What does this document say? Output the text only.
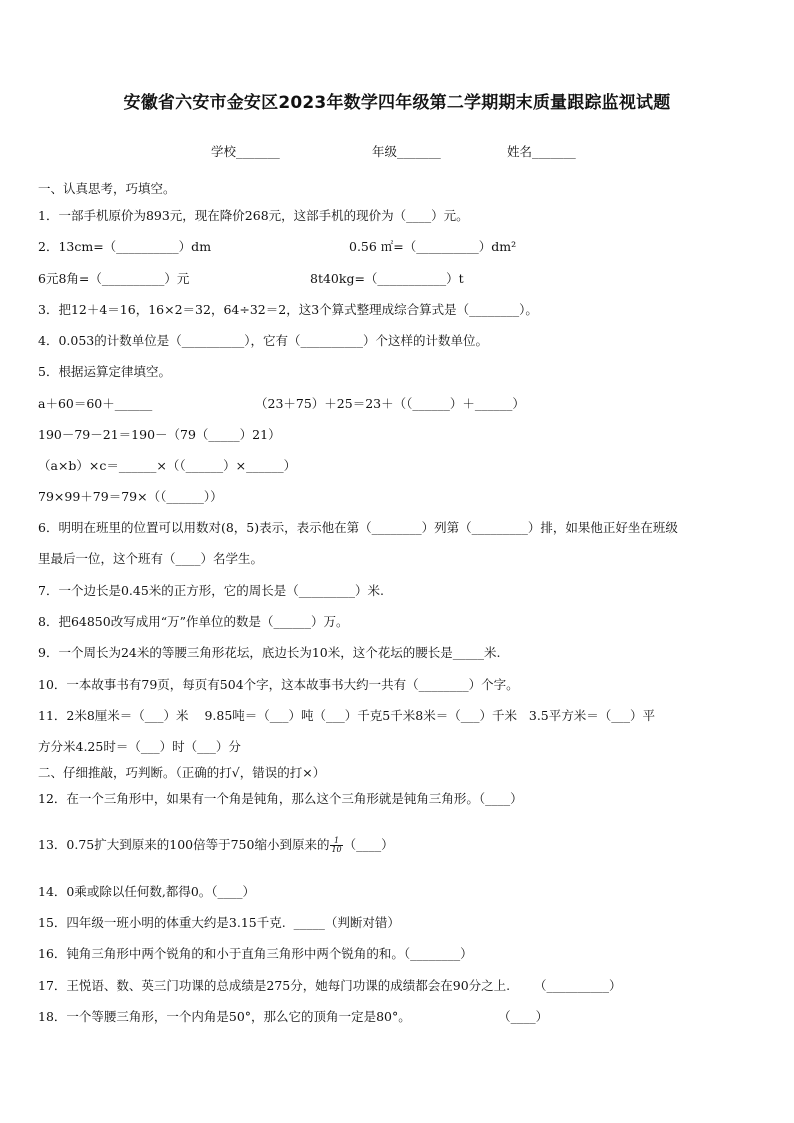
安徽省六安市金安区2023年数学四年级第二学期期末质量跟踪监视试题
学校_______	年级_______	姓名_______
一、认真思考，巧填空。
1．一部手机原价为893元，现在降价268元，这部手机的现价为（____）元。
2．13cm=（__________）dm	0.56 ㎡=（__________）dm²
6元8角=（__________）元	8t40kg=（___________）t
3．把12＋4＝16，16×2＝32，64÷32＝2，这3个算式整理成综合算式是（________）。
4．0.053的计数单位是（__________），它有（__________）个这样的计数单位。
5．根据运算定律填空。
a＋60＝60＋______	（23＋75）＋25＝23＋（（______）＋______）
190－79－21＝190－（79（_____）21）
（a×b）×c＝______×（（______）×______）
79×99＋79＝79×（（______））
6．明明在班里的位置可以用数对(8，5)表示，表示他在第（________）列第（_________）排，如果他正好坐在班级
里最后一位，这个班有（____）名学生。
7．一个边长是0.45米的正方形，它的周长是（_________）米.
8．把64850改写成用“万”作单位的数是（______）万。
9．一个周长为24米的等腰三角形花坛，底边长为10米，这个花坛的腰长是_____米.
10．一本故事书有79页，每页有504个字，这本故事书大约一共有（________）个字。
11．2米8厘米＝（___）米    9.85吨＝（___）吨（___）千克5千米8米＝（___）千米   3.5平方米＝（___）平
方分米4.25时＝（___）时（___）分
二、仔细推敲，巧判断。（正确的打√，错误的打×）
12．在一个三角形中，如果有一个角是钝角，那么这个三角形就是钝角三角形。（____）
13．0.75扩大到原来的100倍等于750缩小到原来的 $\frac{1}{10}$ （____）
14．0乘或除以任何数,都得0。（____）
15．四年级一班小明的体重大约是3.15千克.  _____（判断对错）
16．钝角三角形中两个锐角的和小于直角三角形中两个锐角的和。（________）
17．王悦语、数、英三门功课的总成绩是275分，她每门功课的成绩都会在90分之上.      （__________）
18．一个等腰三角形，一个内角是50°，那么它的顶角一定是80°。                      （____）
